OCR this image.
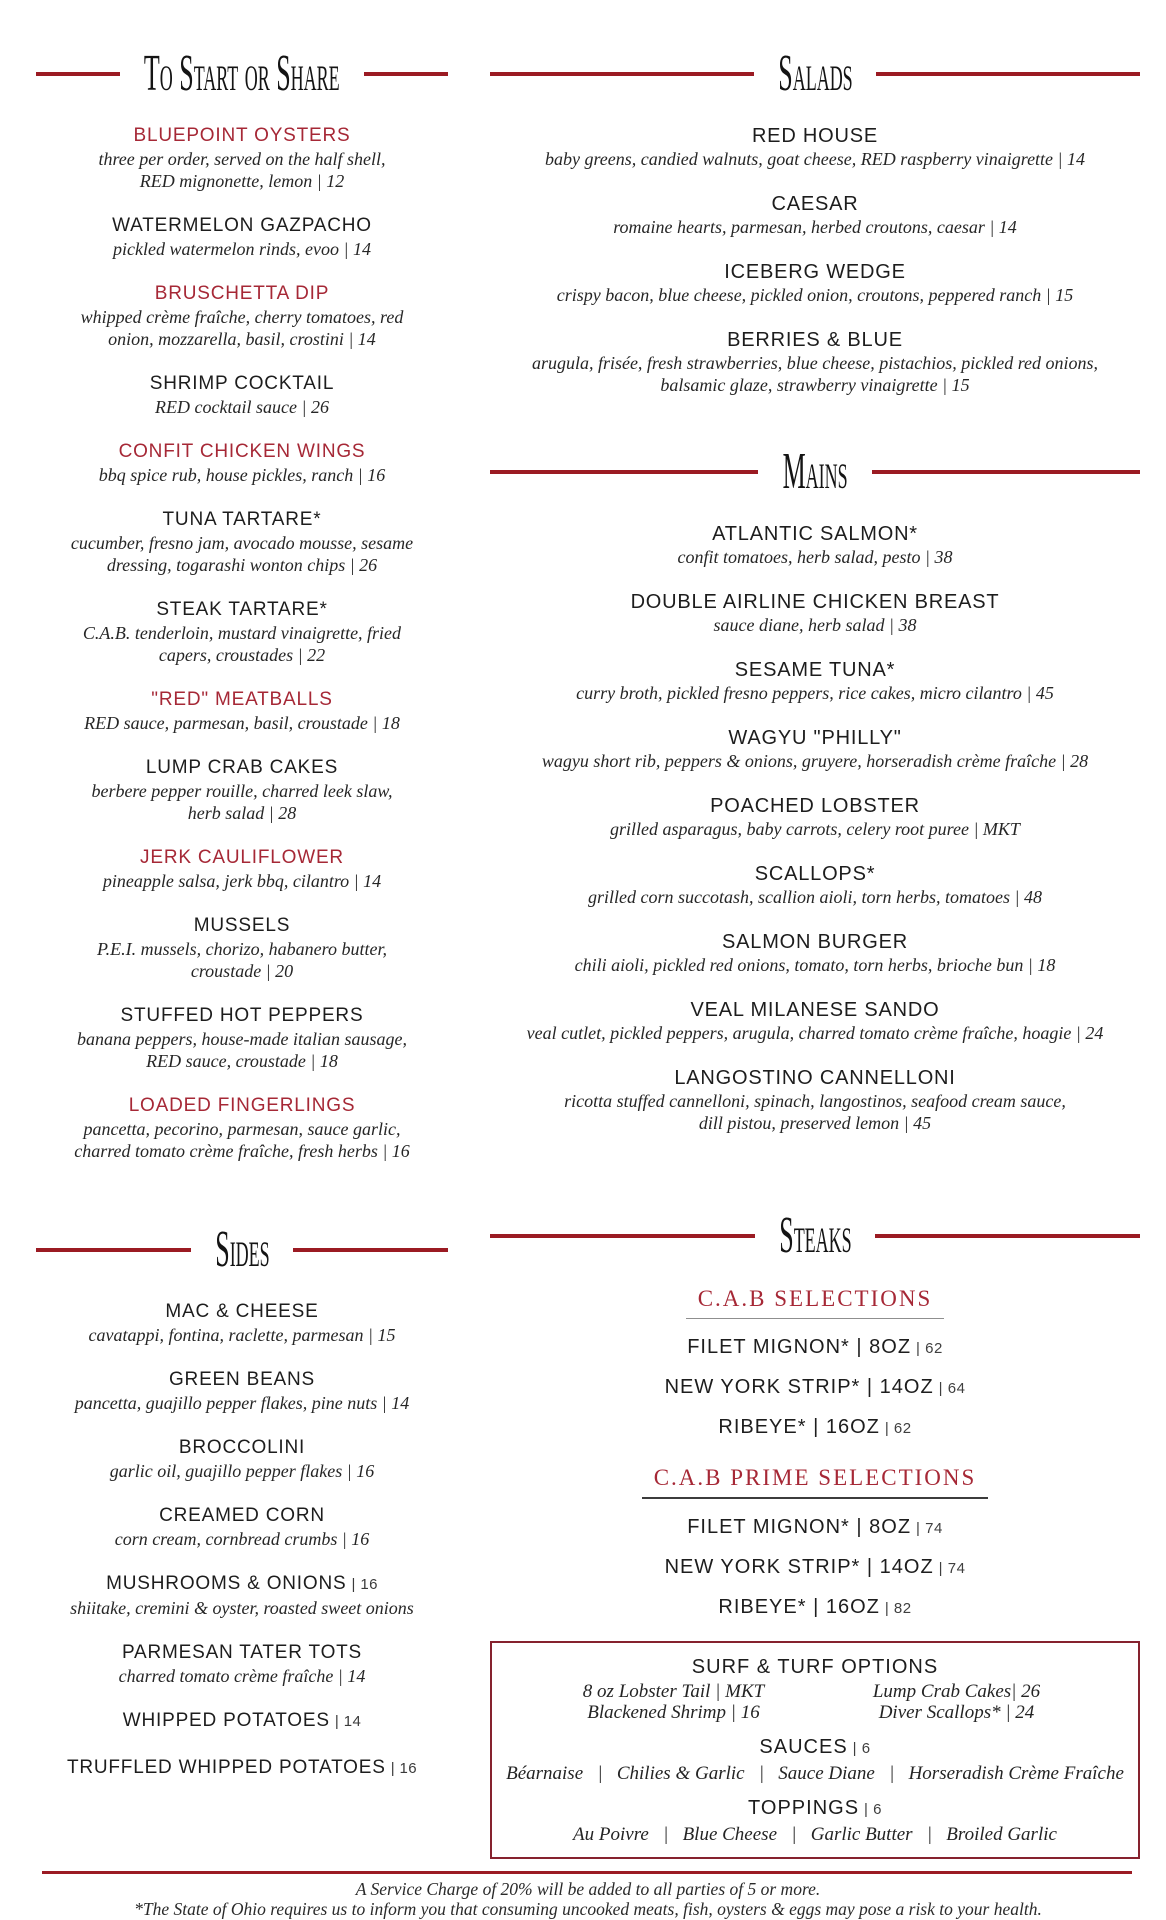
To Start or Share
BLUEPOINT OYSTERS
three per order, served on the half shell,
RED mignonette, lemon | 12
WATERMELON GAZPACHO
pickled watermelon rinds, evoo | 14
BRUSCHETTA DIP
whipped crème fraîche, cherry tomatoes, red
onion, mozzarella, basil, crostini | 14
SHRIMP COCKTAIL
RED cocktail sauce | 26
CONFIT CHICKEN WINGS
bbq spice rub, house pickles, ranch | 16
TUNA TARTARE*
cucumber, fresno jam, avocado mousse, sesame
dressing, togarashi wonton chips | 26
STEAK TARTARE*
C.A.B. tenderloin, mustard vinaigrette, fried
capers, croustades | 22
"RED" MEATBALLS
RED sauce, parmesan, basil, croustade | 18
LUMP CRAB CAKES
berbere pepper rouille, charred leek slaw,
herb salad | 28
JERK CAULIFLOWER
pineapple salsa, jerk bbq, cilantro | 14
MUSSELS
P.E.I. mussels, chorizo, habanero butter,
croustade | 20
STUFFED HOT PEPPERS
banana peppers, house-made italian sausage,
RED sauce, croustade | 18
LOADED FINGERLINGS
pancetta, pecorino, parmesan, sauce garlic,
charred tomato crème fraîche, fresh herbs | 16
Sides
MAC & CHEESE
cavatappi, fontina, raclette, parmesan | 15
GREEN BEANS
pancetta, guajillo pepper flakes, pine nuts | 14
BROCCOLINI
garlic oil, guajillo pepper flakes | 16
CREAMED CORN
corn cream, cornbread crumbs | 16
MUSHROOMS & ONIONS | 16
shiitake, cremini & oyster, roasted sweet onions
PARMESAN TATER TOTS
charred tomato crème fraîche | 14
WHIPPED POTATOES | 14
TRUFFLED WHIPPED POTATOES | 16
Salads
RED HOUSE
baby greens, candied walnuts, goat cheese, RED raspberry vinaigrette | 14
CAESAR
romaine hearts, parmesan, herbed croutons, caesar | 14
ICEBERG WEDGE
crispy bacon, blue cheese, pickled onion, croutons, peppered ranch | 15
BERRIES & BLUE
arugula, frisée, fresh strawberries, blue cheese, pistachios, pickled red onions,
balsamic glaze, strawberry vinaigrette | 15
Mains
ATLANTIC SALMON*
confit tomatoes, herb salad, pesto | 38
DOUBLE AIRLINE CHICKEN BREAST
sauce diane, herb salad | 38
SESAME TUNA*
curry broth, pickled fresno peppers, rice cakes, micro cilantro | 45
WAGYU "PHILLY"
wagyu short rib, peppers & onions, gruyere, horseradish crème fraîche | 28
POACHED LOBSTER
grilled asparagus, baby carrots, celery root puree | MKT
SCALLOPS*
grilled corn succotash, scallion aioli, torn herbs, tomatoes | 48
SALMON BURGER
chili aioli, pickled red onions, tomato, torn herbs, brioche bun | 18
VEAL MILANESE SANDO
veal cutlet, pickled peppers, arugula, charred tomato crème fraîche, hoagie | 24
LANGOSTINO CANNELLONI
ricotta stuffed cannelloni, spinach, langostinos, seafood cream sauce,
dill pistou, preserved lemon | 45
Steaks
C.A.B SELECTIONS
FILET MIGNON* | 8OZ | 62
NEW YORK STRIP* | 14OZ | 64
RIBEYE* | 16OZ | 62
C.A.B PRIME SELECTIONS
FILET MIGNON* | 8OZ | 74
NEW YORK STRIP* | 14OZ | 74
RIBEYE* | 16OZ | 82
SURF & TURF OPTIONS
8 oz Lobster Tail | MKT	Lump Crab Cakes| 26
Blackened Shrimp | 16	Diver Scallops* | 24
SAUCES | 6
Béarnaise  |  Chilies & Garlic  |  Sauce Diane  |  Horseradish Crème Fraîche
TOPPINGS | 6
Au Poivre  |  Blue Cheese  |  Garlic Butter  |  Broiled Garlic
A Service Charge of 20% will be added to all parties of 5 or more.
*The State of Ohio requires us to inform you that consuming uncooked meats, fish, oysters & eggs may pose a risk to your health.
